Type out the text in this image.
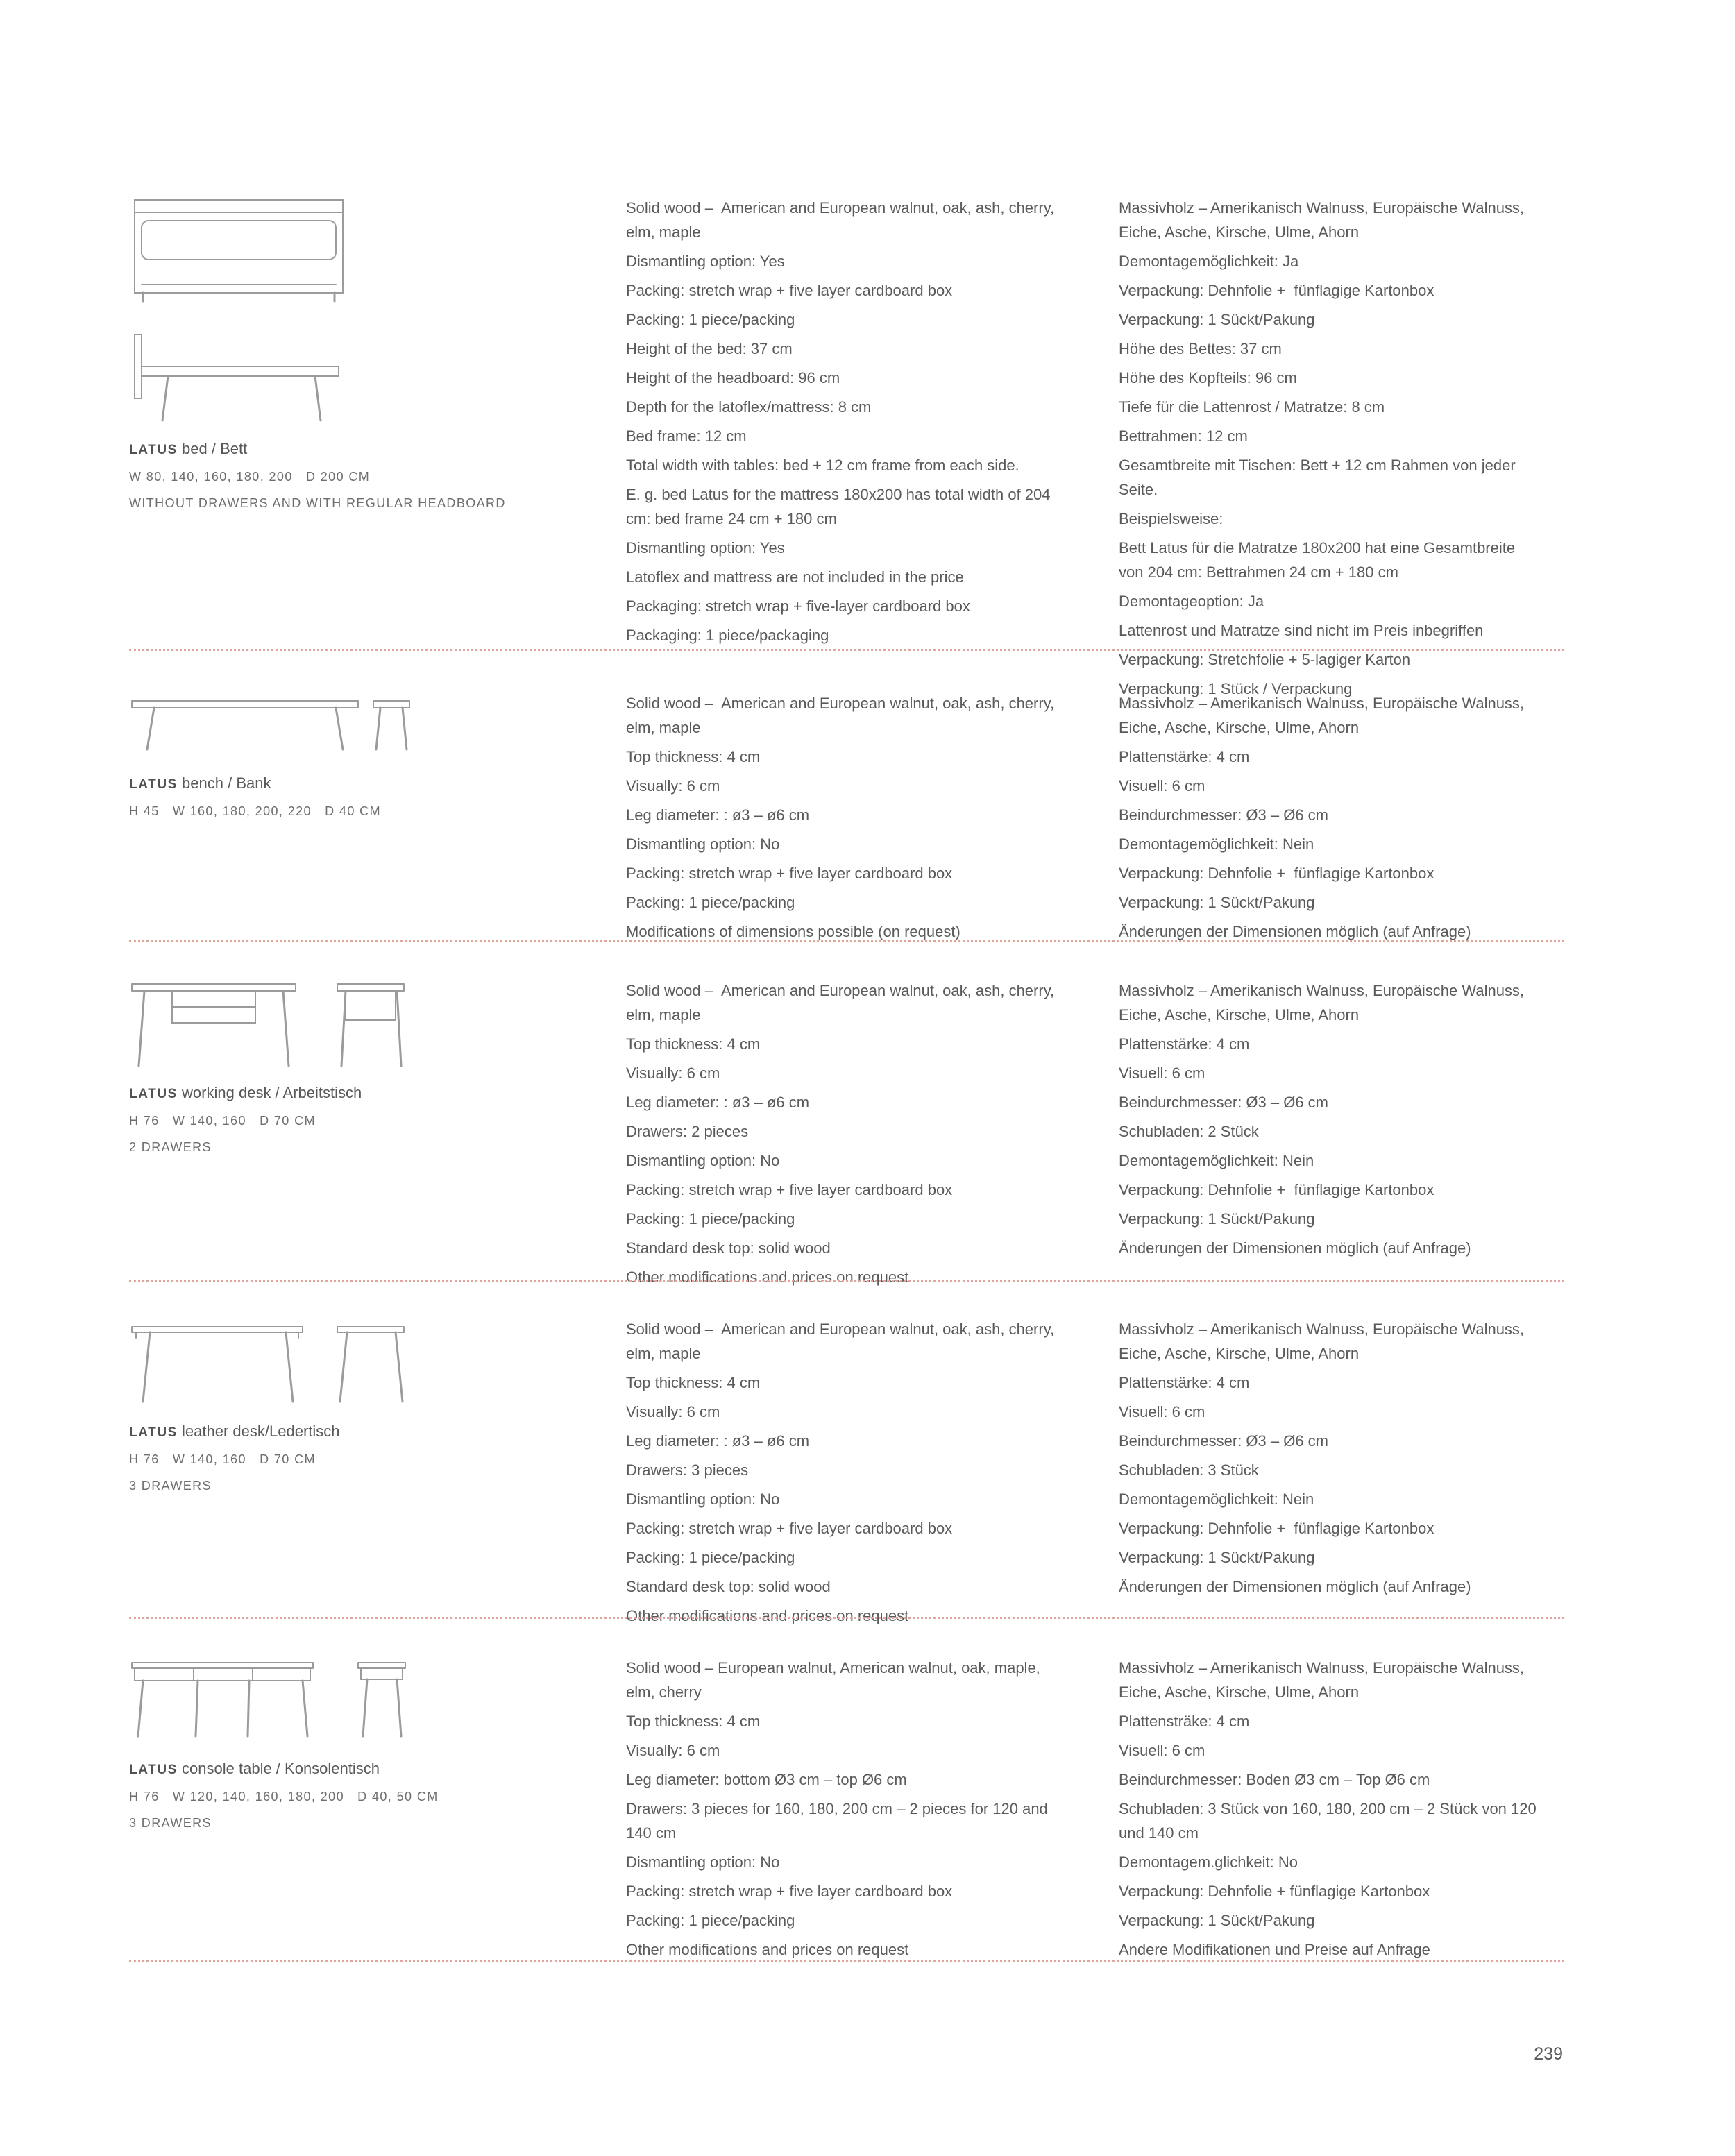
LATUS bed / Bett

W 80, 140, 160, 180, 200   D 200 CM

WITHOUT DRAWERS AND WITH REGULAR HEADBOARD

Solid wood –  American and European walnut, oak, ash, cherry, elm, maple

Dismantling option: Yes

Packing: stretch wrap + five layer cardboard box

Packing: 1 piece/packing

Height of the bed: 37 cm

Height of the headboard: 96 cm

Depth for the latoflex/mattress: 8 cm

Bed frame: 12 cm

Total width with tables: bed + 12 cm frame from each side.

E. g. bed Latus for the mattress 180x200 has total width of 204 cm: bed frame 24 cm + 180 cm

Dismantling option: Yes

Latoflex and mattress are not included in the price

Packaging: stretch wrap + five-layer cardboard box

Packaging: 1 piece/packaging

Massivholz – Amerikanisch Walnuss, Europäische Walnuss, Eiche, Asche, Kirsche, Ulme, Ahorn

Demontagemöglichkeit: Ja

Verpackung: Dehnfolie +  fünflagige Kartonbox

Verpackung: 1 Sückt/Pakung

Höhe des Bettes: 37 cm

Höhe des Kopfteils: 96 cm

Tiefe für die Lattenrost / Matratze: 8 cm

Bettrahmen: 12 cm

Gesamtbreite mit Tischen: Bett + 12 cm Rahmen von jeder Seite.

Beispielsweise:

Bett Latus für die Matratze 180x200 hat eine Gesamtbreite von 204 cm: Bettrahmen 24 cm + 180 cm

Demontageoption: Ja

Lattenrost und Matratze sind nicht im Preis inbegriffen

Verpackung: Stretchfolie + 5-lagiger Karton

Verpackung: 1 Stück / Verpackung

LATUS bench / Bank

H 45   W 160, 180, 200, 220   D 40 CM

Solid wood –  American and European walnut, oak, ash, cherry, elm, maple

Top thickness: 4 cm

Visually: 6 cm

Leg diameter: : ø3 – ø6 cm

Dismantling option: No

Packing: stretch wrap + five layer cardboard box

Packing: 1 piece/packing

Modifications of dimensions possible (on request)

Massivholz – Amerikanisch Walnuss, Europäische Walnuss, Eiche, Asche, Kirsche, Ulme, Ahorn

Plattenstärke: 4 cm

Visuell: 6 cm

Beindurchmesser: Ø3 – Ø6 cm

Demontagemöglichkeit: Nein

Verpackung: Dehnfolie +  fünflagige Kartonbox

Verpackung: 1 Sückt/Pakung

Änderungen der Dimensionen möglich (auf Anfrage)

LATUS working desk / Arbeitstisch

H 76   W 140, 160   D 70 CM

2 DRAWERS

Solid wood –  American and European walnut, oak, ash, cherry, elm, maple

Top thickness: 4 cm

Visually: 6 cm

Leg diameter: : ø3 – ø6 cm

Drawers: 2 pieces

Dismantling option: No

Packing: stretch wrap + five layer cardboard box

Packing: 1 piece/packing

Standard desk top: solid wood

Other modifications and prices on request

Massivholz – Amerikanisch Walnuss, Europäische Walnuss, Eiche, Asche, Kirsche, Ulme, Ahorn

Plattenstärke: 4 cm

Visuell: 6 cm

Beindurchmesser: Ø3 – Ø6 cm

Schubladen: 2 Stück

Demontagemöglichkeit: Nein

Verpackung: Dehnfolie +  fünflagige Kartonbox

Verpackung: 1 Sückt/Pakung

Änderungen der Dimensionen möglich (auf Anfrage)

LATUS leather desk/Ledertisch

H 76   W 140, 160   D 70 CM

3 DRAWERS

Solid wood –  American and European walnut, oak, ash, cherry, elm, maple

Top thickness: 4 cm

Visually: 6 cm

Leg diameter: : ø3 – ø6 cm

Drawers: 3 pieces

Dismantling option: No

Packing: stretch wrap + five layer cardboard box

Packing: 1 piece/packing

Standard desk top: solid wood

Other modifications and prices on request

Massivholz – Amerikanisch Walnuss, Europäische Walnuss, Eiche, Asche, Kirsche, Ulme, Ahorn

Plattenstärke: 4 cm

Visuell: 6 cm

Beindurchmesser: Ø3 – Ø6 cm

Schubladen: 3 Stück

Demontagemöglichkeit: Nein

Verpackung: Dehnfolie +  fünflagige Kartonbox

Verpackung: 1 Sückt/Pakung

Änderungen der Dimensionen möglich (auf Anfrage)

LATUS console table / Konsolentisch

H 76   W 120, 140, 160, 180, 200   D 40, 50 CM

3 DRAWERS

Solid wood – European walnut, American walnut, oak, maple, elm, cherry

Top thickness: 4 cm

Visually: 6 cm

Leg diameter: bottom Ø3 cm – top Ø6 cm

Drawers: 3 pieces for 160, 180, 200 cm – 2 pieces for 120 and 140 cm

Dismantling option: No

Packing: stretch wrap + five layer cardboard box

Packing: 1 piece/packing

Other modifications and prices on request

Massivholz – Amerikanisch Walnuss, Europäische Walnuss, Eiche, Asche, Kirsche, Ulme, Ahorn

Plattensträke: 4 cm

Visuell: 6 cm

Beindurchmesser: Boden Ø3 cm – Top Ø6 cm

Schubladen: 3 Stück von 160, 180, 200 cm – 2 Stück von 120 und 140 cm

Demontagem.glichkeit: No

Verpackung: Dehnfolie + fünflagige Kartonbox

Verpackung: 1 Sückt/Pakung

Andere Modifikationen und Preise auf Anfrage

239
